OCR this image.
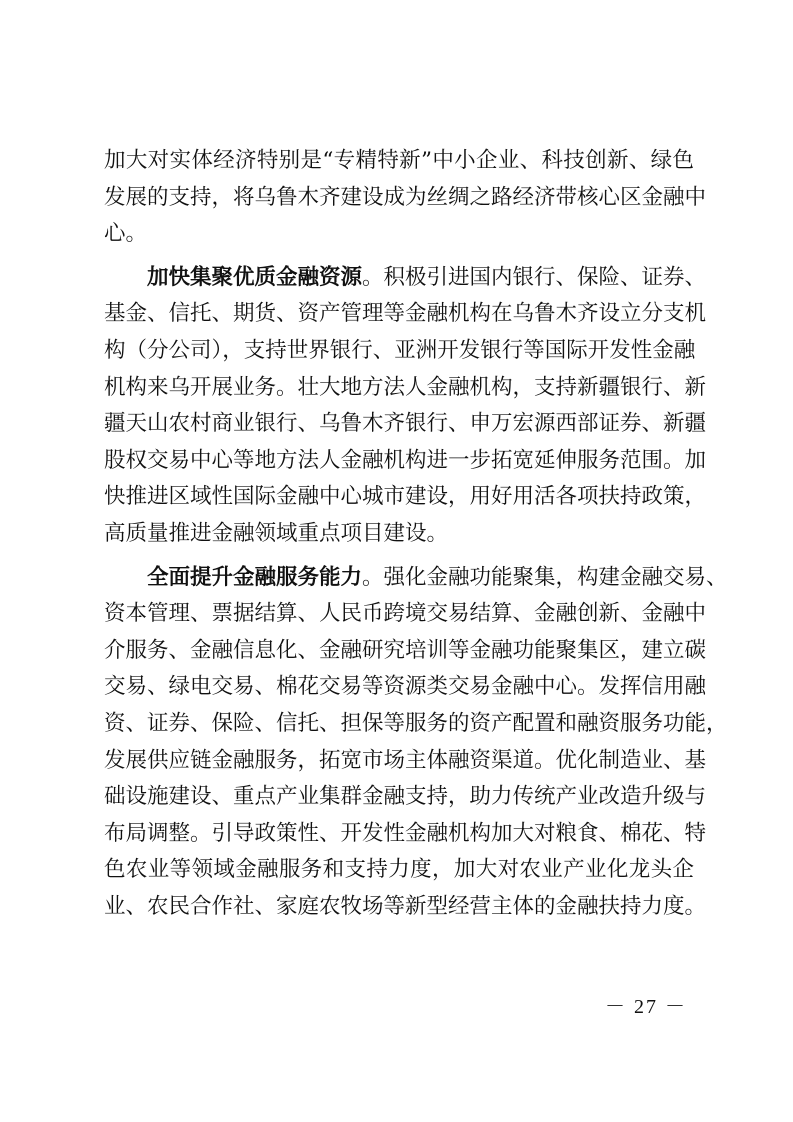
加大对实体经济特别是“专精特新”中小企业、科技创新、绿色
发展的支持，将乌鲁木齐建设成为丝绸之路经济带核心区金融中
心。
加快集聚优质金融资源。积极引进国内银行、保险、证券、
基金、信托、期货、资产管理等金融机构在乌鲁木齐设立分支机
构（分公司），支持世界银行、亚洲开发银行等国际开发性金融
机构来乌开展业务。壮大地方法人金融机构，支持新疆银行、新
疆天山农村商业银行、乌鲁木齐银行、申万宏源西部证券、新疆
股权交易中心等地方法人金融机构进一步拓宽延伸服务范围。加
快推进区域性国际金融中心城市建设，用好用活各项扶持政策，
高质量推进金融领域重点项目建设。
全面提升金融服务能力。强化金融功能聚集，构建金融交易、
资本管理、票据结算、人民币跨境交易结算、金融创新、金融中
介服务、金融信息化、金融研究培训等金融功能聚集区，建立碳
交易、绿电交易、棉花交易等资源类交易金融中心。发挥信用融
资、证券、保险、信托、担保等服务的资产配置和融资服务功能，
发展供应链金融服务，拓宽市场主体融资渠道。优化制造业、基
础设施建设、重点产业集群金融支持，助力传统产业改造升级与
布局调整。引导政策性、开发性金融机构加大对粮食、棉花、特
色农业等领域金融服务和支持力度，加大对农业产业化龙头企
业、农民合作社、家庭农牧场等新型经营主体的金融扶持力度。
－ 27 －
